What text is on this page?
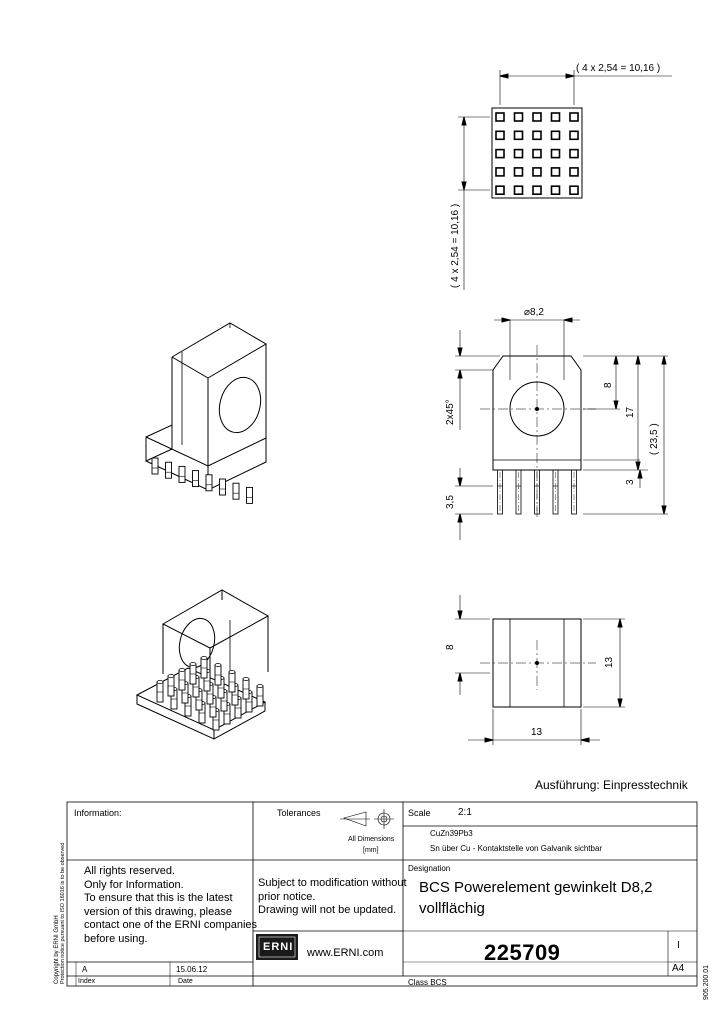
( 4 x 2,54 = 10,16 )
( 4 x 2,54 = 10,16 )
⌀8,2
2x45°
8
17
( 23,5 )
3
3,5
8
13
13
Ausführung: Einpresstechnik
Information:	Tolerances
All Dimensions
[mm]
Scale	2:1
CuZn39Pb3
Sn über Cu - Kontaktstelle von Galvanik sichtbar
Designation
All rights reserved.
Only for Information.
To ensure that this is the latest
version of this drawing, please
contact one of the ERNI companies
before using.
Subject to modification without
prior notice.
Drawing will not be updated.
BCS Powerelement gewinkelt D8,2
vollflächig
ERNI www.ERNI.com	225709	I
A4
A	15.06.12
Index	Date	Class BCS
Copyright by ERNI GmbH Protection notice pursuant to ISO 16016 is to be observed	905.200.01
